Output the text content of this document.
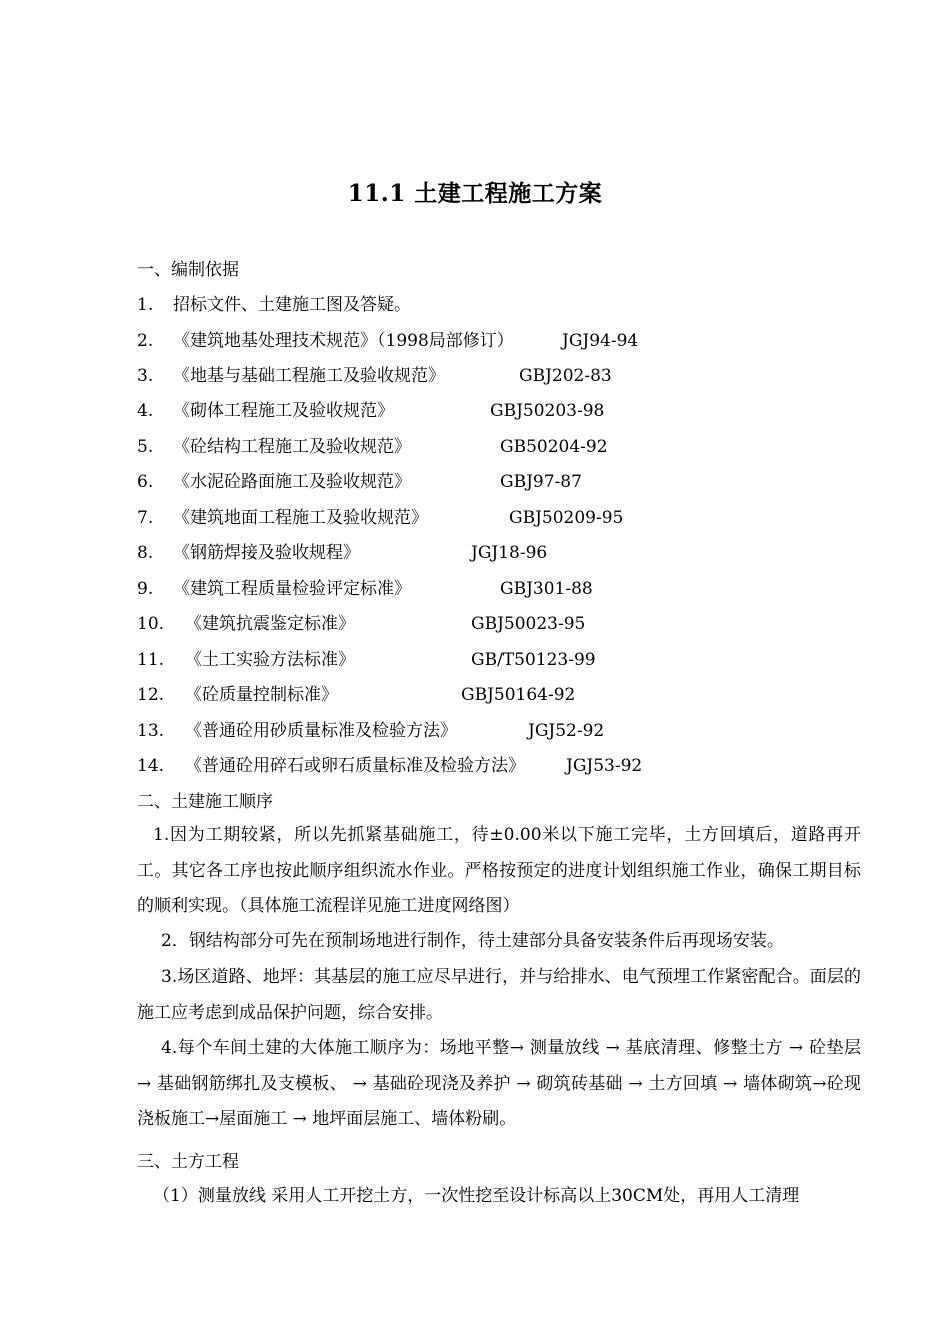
11.1 土建工程施工方案
一、编制依据
1. 招标文件、土建施工图及答疑。
2. 《建筑地基处理技术规范》（1998局部修订）	JGJ94-94
3. 《地基与基础工程施工及验收规范》	GBJ202-83
4. 《砌体工程施工及验收规范》	GBJ50203-98
5. 《砼结构工程施工及验收规范》	GB50204-92
6. 《水泥砼路面施工及验收规范》	GBJ97-87
7. 《建筑地面工程施工及验收规范》	GBJ50209-95
8. 《钢筋焊接及验收规程》	JGJ18-96
9. 《建筑工程质量检验评定标准》	GBJ301-88
10. 《建筑抗震鉴定标准》	GBJ50023-95
11. 《土工实验方法标准》	GB/T50123-99
12. 《砼质量控制标准》	GBJ50164-92
13. 《普通砼用砂质量标准及检验方法》	JGJ52-92
14. 《普通砼用碎石或卵石质量标准及检验方法》 JGJ53-92
二、土建施工顺序
1.因为工期较紧，所以先抓紧基础施工，待±0.00米以下施工完毕，土方回填后，道路再开工。其它各工序也按此顺序组织流水作业。严格按预定的进度计划组织施工作业，确保工期目标的顺利实现。（具体施工流程详见施工进度网络图）
2．钢结构部分可先在预制场地进行制作，待土建部分具备安装条件后再现场安装。
3.场区道路、地坪：其基层的施工应尽早进行，并与给排水、电气预埋工作紧密配合。面层的施工应考虑到成品保护问题，综合安排。
4.每个车间土建的大体施工顺序为：场地平整→ 测量放线 → 基底清理、修整土方 → 砼垫层 → 基础钢筋绑扎及支模板、 → 基础砼现浇及养护 → 砌筑砖基础 → 土方回填 → 墙体砌筑→砼现浇板施工→屋面施工 → 地坪面层施工、墙体粉刷。
三、土方工程
（1）测量放线 采用人工开挖土方，一次性挖至设计标高以上30CM处，再用人工清理
